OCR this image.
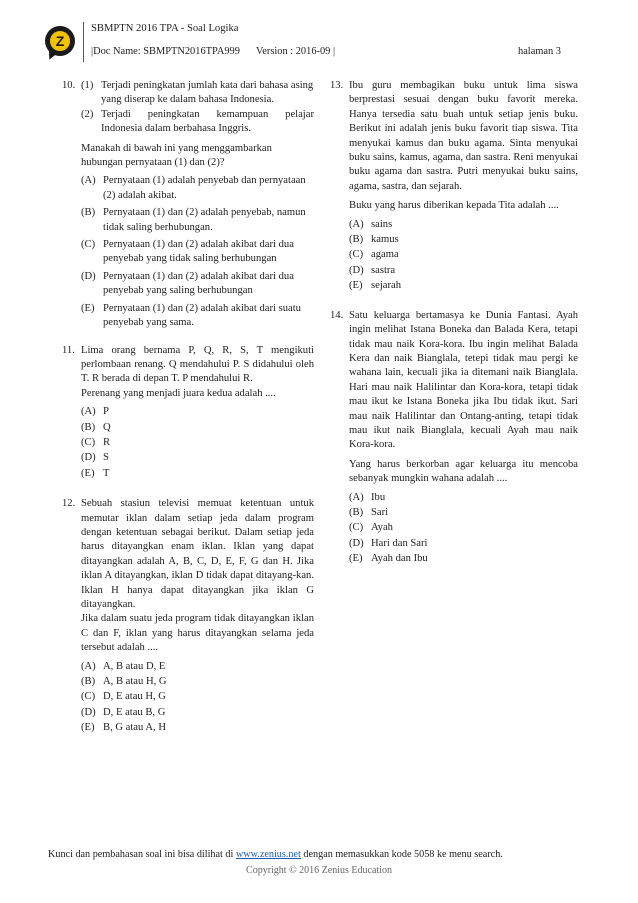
Z
SBMPTN 2016 TPA - Soal Logika
|Doc Name: SBMPTN2016TPA999 Version : 2016-09 |	halaman 3
10. (1) Terjadi peningkatan jumlah kata dari bahasa asing yang diserap ke dalam bahasa Indonesia.
(2) Terjadi peningkatan kemampuan pelajar Indonesia dalam berbahasa Inggris.
Manakah di bawah ini yang menggambarkan hubungan pernyataan (1) dan (2)?
(A) Pernyataan (1) adalah penyebab dan pernyataan (2) adalah akibat.
(B) Pernyataan (1) dan (2) adalah penyebab, namun tidak saling berhubungan.
(C) Pernyataan (1) dan (2) adalah akibat dari dua penyebab yang tidak saling berhubungan
(D) Pernyataan (1) dan (2) adalah akibat dari dua penyebab yang saling berhubungan
(E) Pernyataan (1) dan (2) adalah akibat dari suatu penyebab yang sama.
11. Lima orang bernama P, Q, R, S, T mengikuti perlombaan renang. Q mendahului P. S didahului oleh T. R berada di depan T. P mendahului R.
Perenang yang menjadi juara kedua adalah ....
(A) P
(B) Q
(C) R
(D) S
(E) T
12. Sebuah stasiun televisi memuat ketentuan untuk memutar iklan dalam setiap jeda dalam program dengan ketentuan sebagai berikut. Dalam setiap jeda harus ditayangkan enam iklan. Iklan yang dapat ditayangkan adalah A, B, C, D, E, F, G dan H. Jika iklan A ditayangkan, iklan D tidak dapat ditayang-kan. Iklan H hanya dapat ditayangkan jika iklan G ditayangkan.
Jika dalam suatu jeda program tidak ditayangkan iklan C dan F, iklan yang harus ditayangkan selama jeda tersebut adalah ....
(A) A, B atau D, E
(B) A, B atau H, G
(C) D, E atau H, G
(D) D, E atau B, G
(E) B, G atau A, H
13. Ibu guru membagikan buku untuk lima siswa berprestasi sesuai dengan buku favorit mereka. Hanya tersedia satu buah untuk setiap jenis buku. Berikut ini adalah jenis buku favorit tiap siswa. Tita menyukai kamus dan buku agama. Sinta menyukai buku sains, kamus, agama, dan sastra. Reni menyukai buku agama dan sastra. Putri menyukai buku sains, agama, sastra, dan sejarah.
Buku yang harus diberikan kepada Tita adalah ....
(A) sains
(B) kamus
(C) agama
(D) sastra
(E) sejarah
14. Satu keluarga bertamasya ke Dunia Fantasi. Ayah ingin melihat Istana Boneka dan Balada Kera, tetapi tidak mau naik Kora-kora. Ibu ingin melihat Balada Kera dan naik Bianglala, tetepi tidak mau pergi ke wahana lain, kecuali jika ia ditemani naik Bianglala. Hari mau naik Halilintar dan Kora-kora, tetapi tidak mau ikut ke Istana Boneka jika Ibu tidak ikut. Sari mau naik Halilintar dan Ontang-anting, tetapi tidak mau ikut naik Bianglala, kecuali Ayah mau naik Kora-kora.
Yang harus berkorban agar keluarga itu mencoba sebanyak mungkin wahana adalah ....
(A) Ibu
(B) Sari
(C) Ayah
(D) Hari dan Sari
(E) Ayah dan Ibu
Kunci dan pembahasan soal ini bisa dilihat di www.zenius.net dengan memasukkan kode 5058 ke menu search.
Copyright © 2016 Zenius Education
